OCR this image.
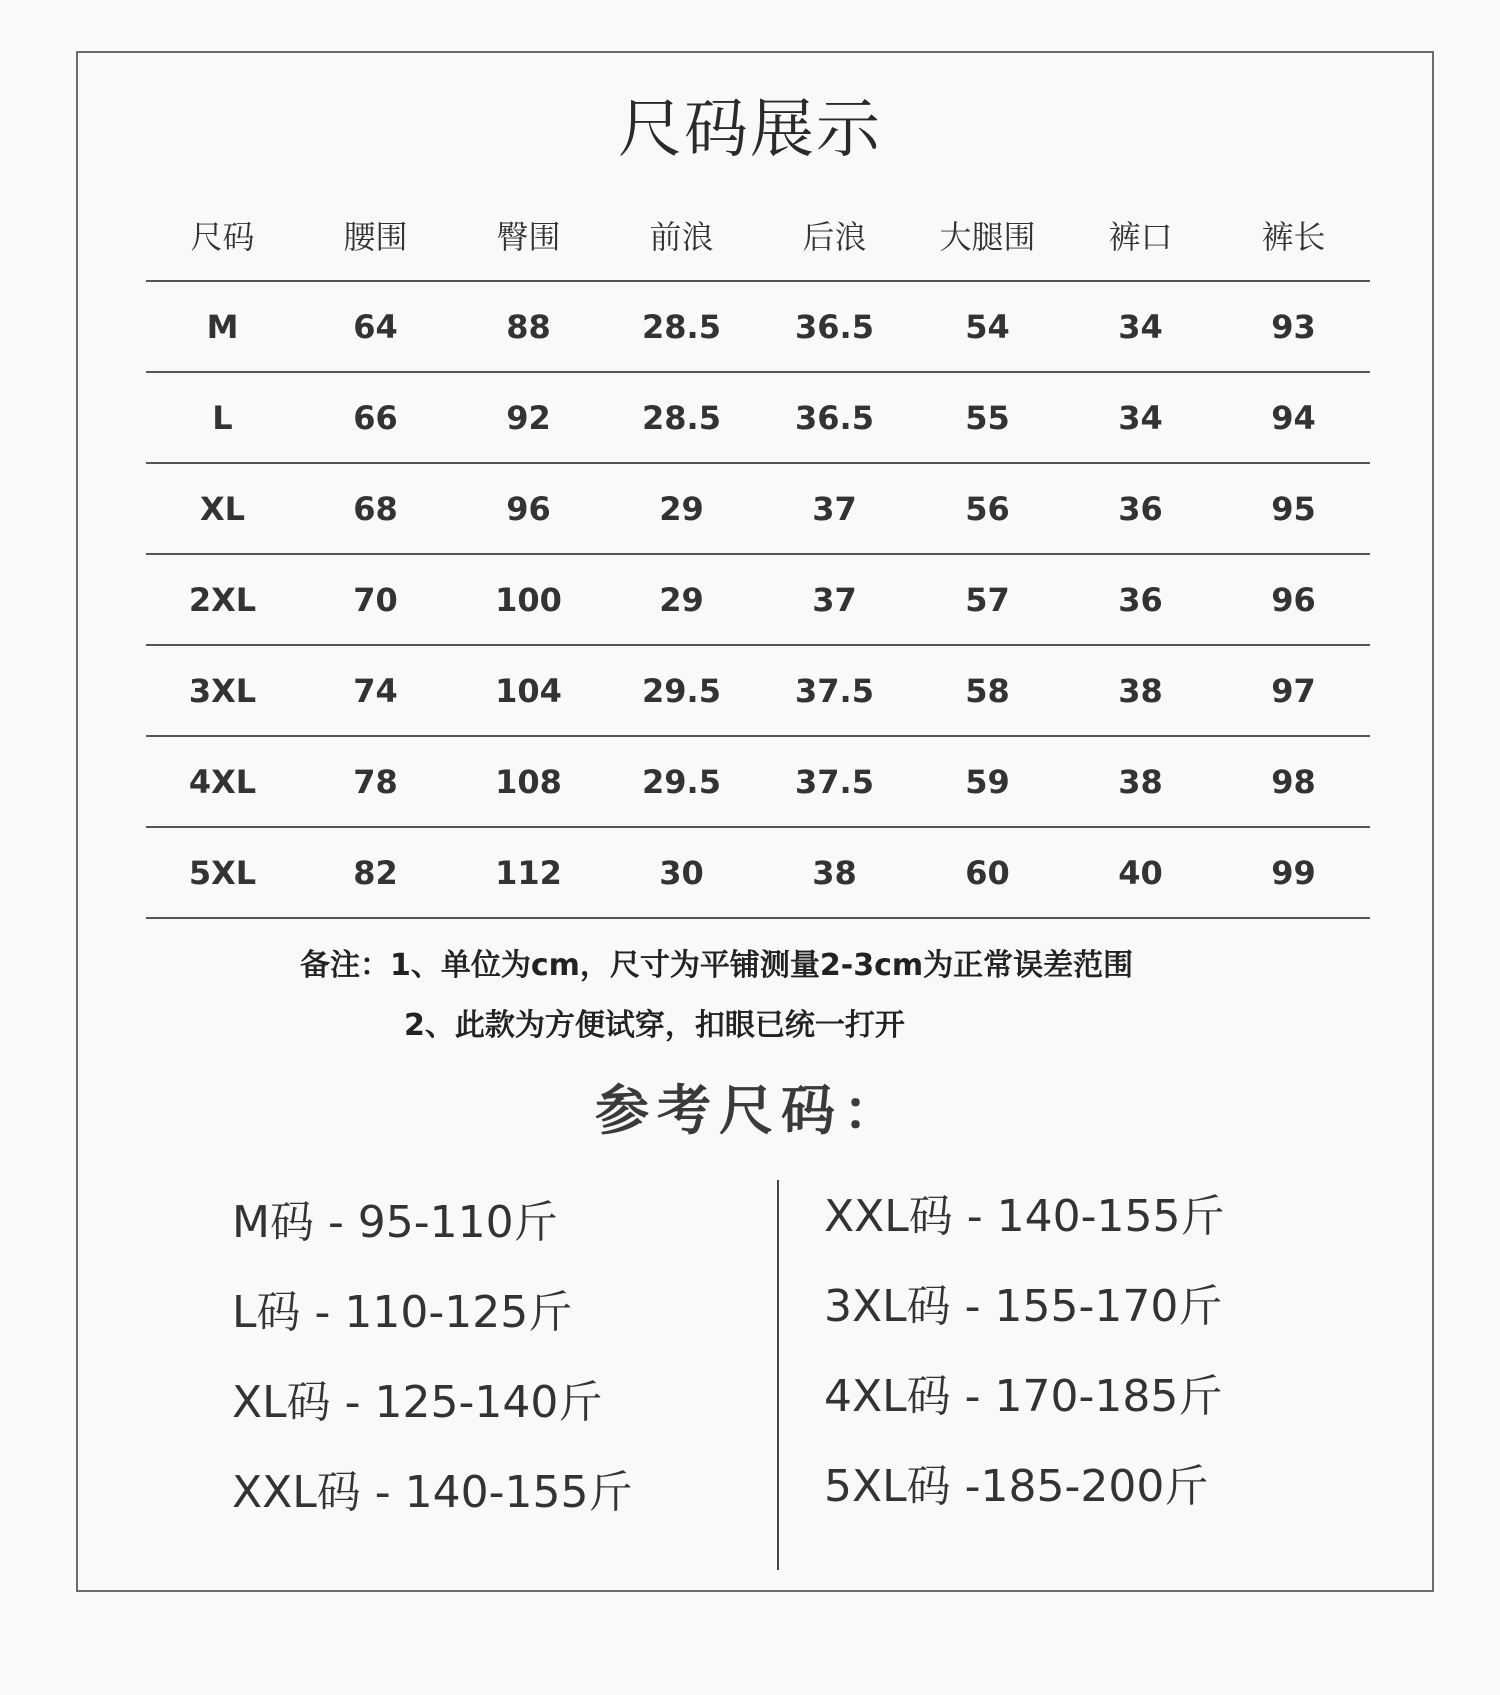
尺码展示
尺码	腰围	臀围	前浪	后浪	大腿围	裤口	裤长
M	64	88	28.5	36.5	54	34	93
L	66	92	28.5	36.5	55	34	94
XL	68	96	29	37	56	36	95
2XL	70	100	29	37	57	36	96
3XL	74	104	29.5	37.5	58	38	97
4XL	78	108	29.5	37.5	59	38	98
5XL	82	112	30	38	60	40	99
备注：1、单位为cm，尺寸为平铺测量2-3cm为正常误差范围
2、此款为方便试穿，扣眼已统一打开
参考尺码：
M码 - 95-110斤
L码 - 110-125斤
XL码 - 125-140斤
XXL码 - 140-155斤
XXL码 - 140-155斤
3XL码 - 155-170斤
4XL码 - 170-185斤
5XL码 -185-200斤
